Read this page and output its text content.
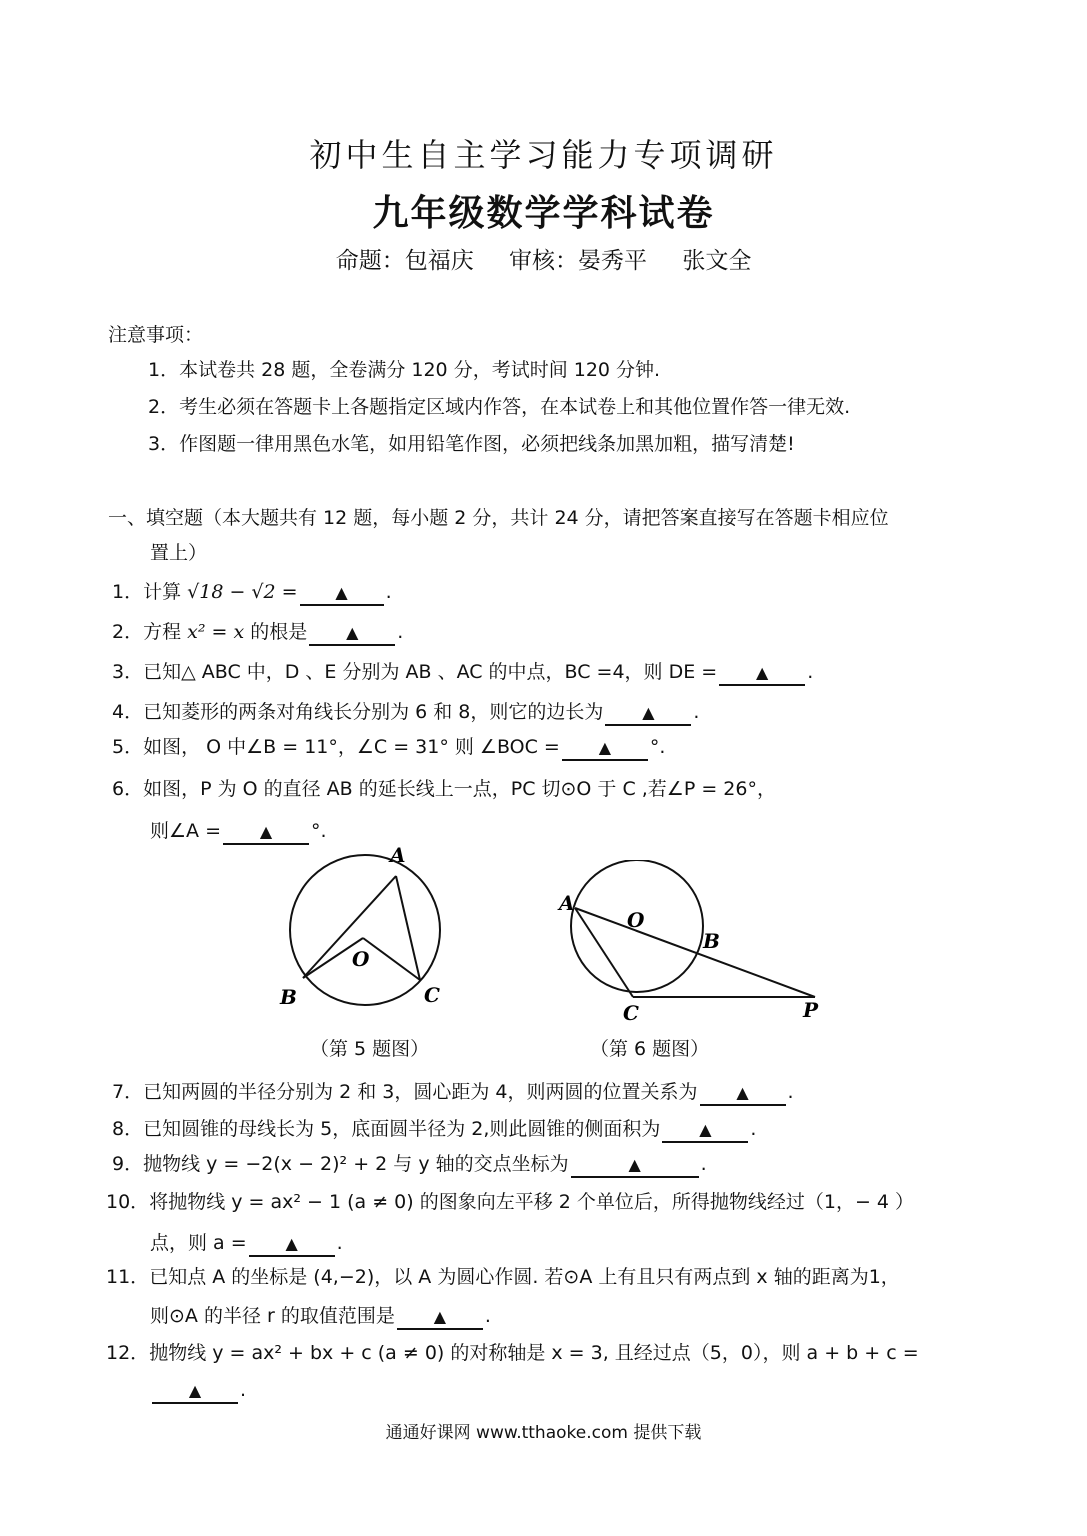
初中生自主学习能力专项调研
九年级数学学科试卷
命题：包福庆 审核：晏秀平 张文全
注意事项：
1．本试卷共 28 题，全卷满分 120 分，考试时间 120 分钟.
2．考生必须在答题卡上各题指定区域内作答，在本试卷上和其他位置作答一律无效.
3．作图题一律用黑色水笔，如用铅笔作图，必须把线条加黑加粗，描写清楚!
一、填空题（本大题共有 12 题，每小题 2 分，共计 24 分，请把答案直接写在答题卡相应位
置上）
1．计算 √18 − √2 = ▲ .
2．方程 x² = x 的根是 ▲ .
3．已知△ ABC 中，D 、E 分别为 AB 、AC 的中点，BC =4，则 DE = ▲ .
4．已知菱形的两条对角线长分别为 6 和 8，则它的边长为 ▲ .
5．如图， O 中∠B = 11°，∠C = 31° 则 ∠BOC = ▲ °.
6．如图，P 为 O 的直径 AB 的延长线上一点，PC 切⊙O 于 C ,若∠P = 26°，
则∠A = ▲ °.
A
O
B	C
（第 5 题图）
A
O
B
C	P
（第 6 题图）
7．已知两圆的半径分别为 2 和 3，圆心距为 4，则两圆的位置关系为 ▲ .
8．已知圆锥的母线长为 5，底面圆半径为 2,则此圆锥的侧面积为 ▲ .
9．抛物线 y = −2(x − 2)² + 2 与 y 轴的交点坐标为	▲	.
10．将抛物线 y = ax² − 1 (a ≠ 0) 的图象向左平移 2 个单位后，所得抛物线经过（1，− 4 ）
点，则 a = ▲ .
11．已知点 A 的坐标是 (4,−2)，以 A 为圆心作圆. 若⊙A 上有且只有两点到 x 轴的距离为1，
则⊙A 的半径 r 的取值范围是 ▲ .
12．抛物线 y = ax² + bx + c (a ≠ 0) 的对称轴是 x = 3, 且经过点（5，0），则 a + b + c =
▲ .
通通好课网 www.tthaoke.com 提供下载
